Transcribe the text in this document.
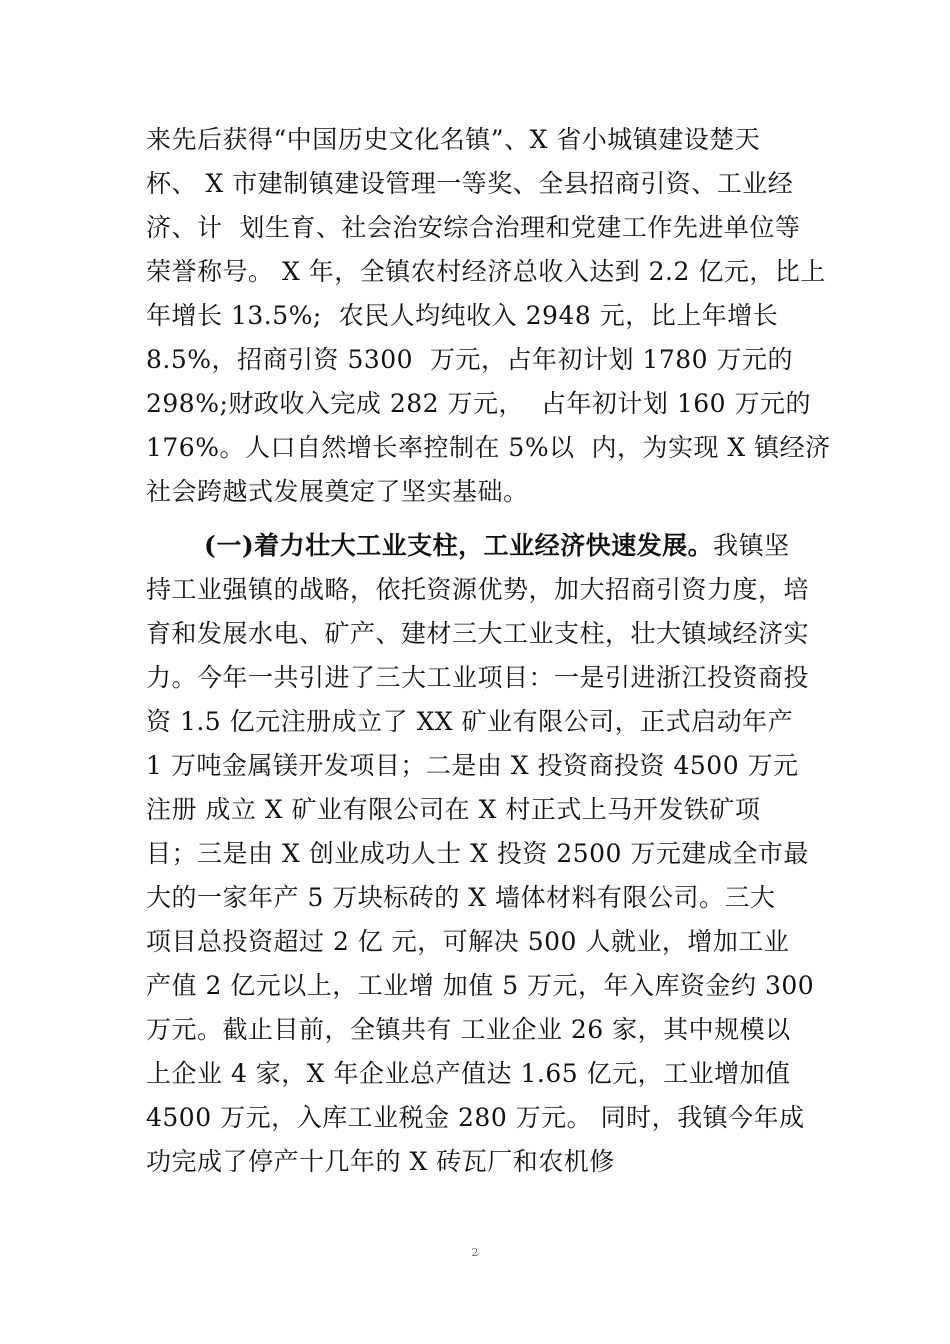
来先后获得“中国历史文化名镇”、X 省小城镇建设楚天
杯、 X 市建制镇建设管理一等奖、全县招商引资、工业经
济、计  划生育、社会治安综合治理和党建工作先进单位等
荣誉称号。 X 年，全镇农村经济总收入达到 2.2 亿元，比上
年增长 13.5%;  农民人均纯收入 2948 元，比上年增长
8.5%，招商引资 5300  万元，占年初计划 1780 万元的
298%;财政收入完成 282 万元，  占年初计划 160 万元的
176%。人口自然增长率控制在 5%以  内，为实现 X 镇经济
社会跨越式发展奠定了坚实基础。
(一)着力壮大工业支柱，工业经济快速发展。我镇坚
持工业强镇的战略，依托资源优势，加大招商引资力度，培
育和发展水电、矿产、建材三大工业支柱，壮大镇域经济实
力。今年一共引进了三大工业项目：一是引进浙江投资商投
资 1.5 亿元注册成立了 XX 矿业有限公司，正式启动年产
1 万吨金属镁开发项目；二是由 X 投资商投资 4500 万元
注册 成立 X 矿业有限公司在 X 村正式上马开发铁矿项
目；三是由 X 创业成功人士 X 投资 2500 万元建成全市最
大的一家年产 5 万块标砖的 X 墙体材料有限公司。三大
项目总投资超过 2 亿 元，可解决 500 人就业，增加工业
产值 2 亿元以上，工业增 加值 5 万元，年入库资金约 300
万元。截止目前，全镇共有 工业企业 26 家，其中规模以
上企业 4 家，X 年企业总产值达 1.65 亿元，工业增加值
4500 万元，入库工业税金 280 万元。 同时，我镇今年成
功完成了停产十几年的 X 砖瓦厂和农机修
2
